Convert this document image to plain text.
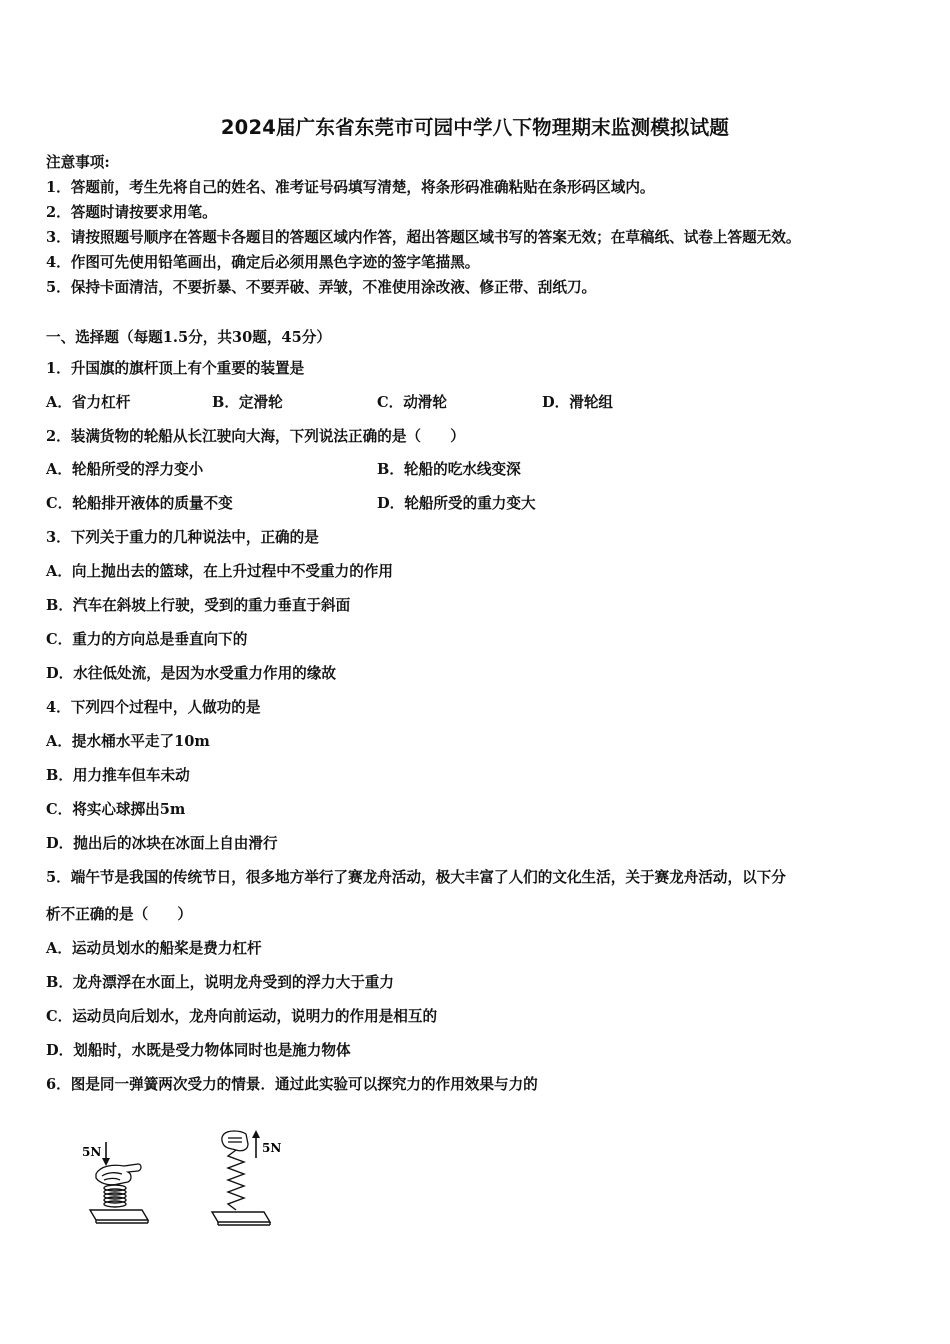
2024届广东省东莞市可园中学八下物理期末监测模拟试题
注意事项:
1．答题前，考生先将自己的姓名、准考证号码填写清楚，将条形码准确粘贴在条形码区域内。
2．答题时请按要求用笔。
3．请按照题号顺序在答题卡各题目的答题区域内作答，超出答题区域书写的答案无效；在草稿纸、试卷上答题无效。
4．作图可先使用铅笔画出，确定后必须用黑色字迹的签字笔描黑。
5．保持卡面清洁，不要折暴、不要弄破、弄皱，不准使用涂改液、修正带、刮纸刀。
一、选择题（每题1.5分，共30题，45分）
1．升国旗的旗杆顶上有个重要的装置是
A．省力杠杆	B．定滑轮	C．动滑轮	D．滑轮组
2．装满货物的轮船从长江驶向大海，下列说法正确的是（　　）
A．轮船所受的浮力变小	B．轮船的吃水线变深
C．轮船排开液体的质量不变	D．轮船所受的重力变大
3．下列关于重力的几种说法中，正确的是
A．向上抛出去的篮球，在上升过程中不受重力的作用
B．汽车在斜坡上行驶，受到的重力垂直于斜面
C．重力的方向总是垂直向下的
D．水往低处流，是因为水受重力作用的缘故
4．下列四个过程中，人做功的是
A．提水桶水平走了10m
B．用力推车但车未动
C．将实心球掷出5m
D．抛出后的冰块在冰面上自由滑行
5．端午节是我国的传统节日，很多地方举行了赛龙舟活动，极大丰富了人们的文化生活，关于赛龙舟活动，以下分
析不正确的是（　　）
A．运动员划水的船桨是费力杠杆
B．龙舟漂浮在水面上，说明龙舟受到的浮力大于重力
C．运动员向后划水，龙舟向前运动，说明力的作用是相互的
D．划船时，水既是受力物体同时也是施力物体
6．图是同一弹簧两次受力的情景．通过此实验可以探究力的作用效果与力的
5N	5N
